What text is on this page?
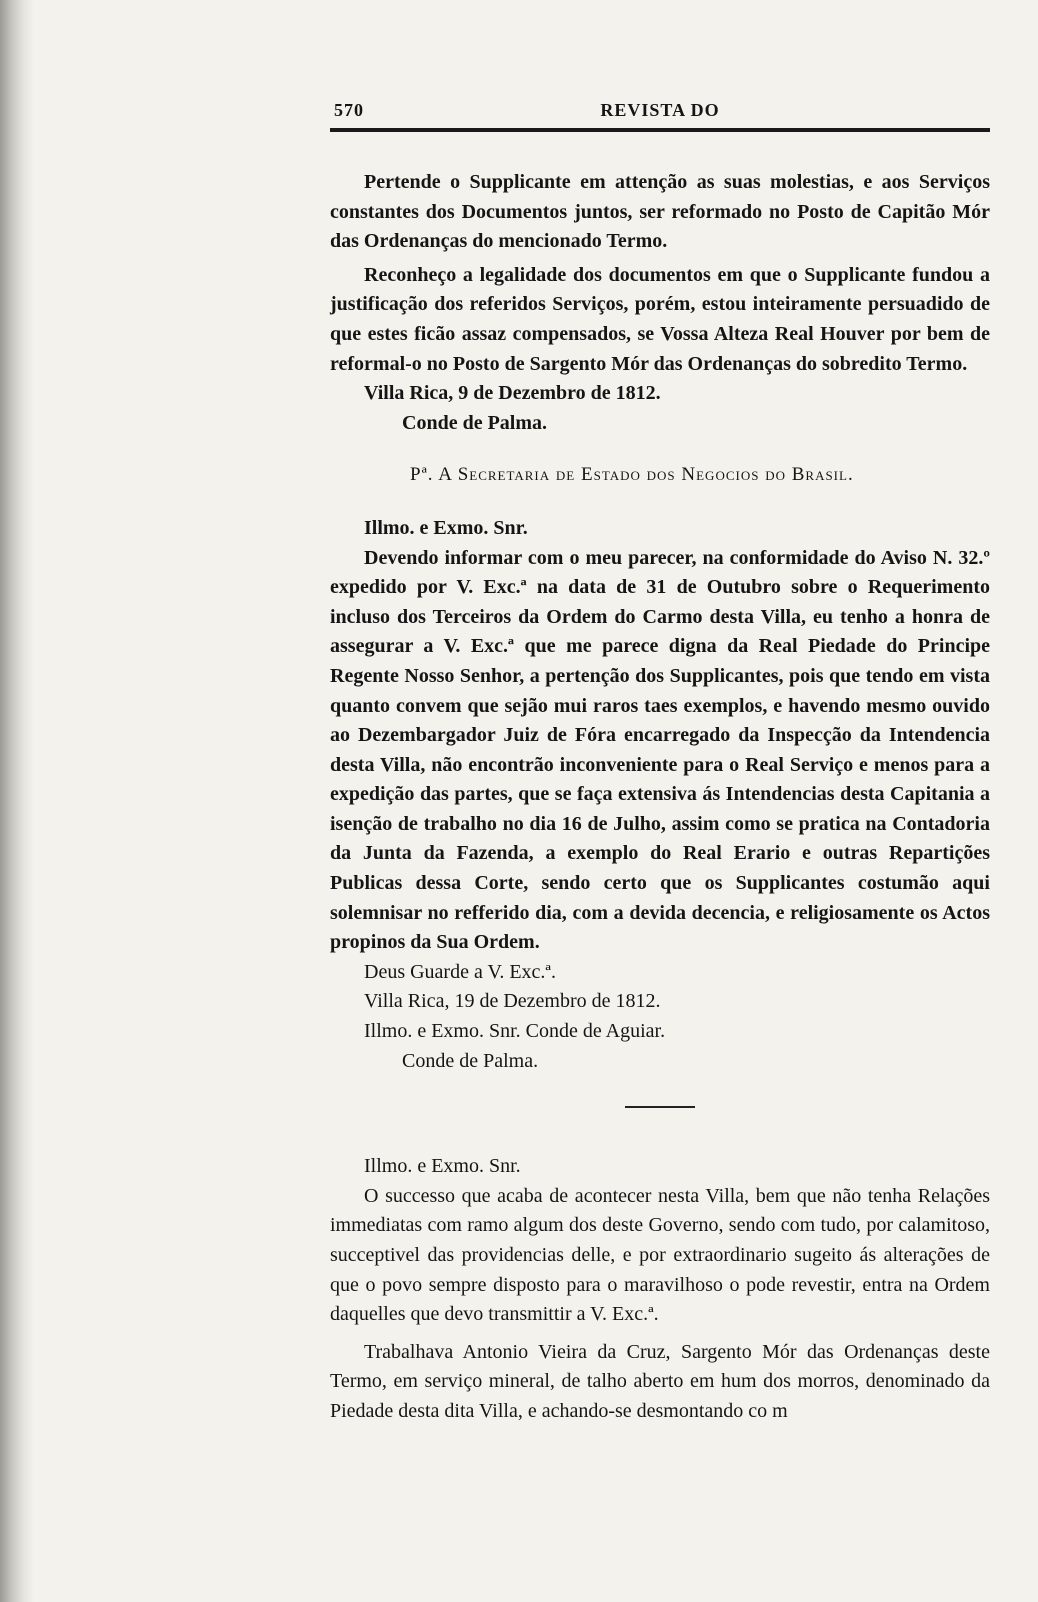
570	REVISTA DO

Pertende o Supplicante em attenção as suas molestias, e aos Serviços constantes dos Documentos juntos, ser reformado no Posto de Capitão Mór das Ordenanças do mencionado Termo.

Reconheço a legalidade dos documentos em que o Supplicante fundou a justificação dos referidos Serviços, porém, estou inteiramente persuadido de que estes ficão assaz compensados, se Vossa Alteza Real Houver por bem de reformal-o no Posto de Sargento Mór das Ordenanças do sobredito Termo.

Villa Rica, 9 de Dezembro de 1812.

Conde de Palma.

Pª. A Secretaria de Estado dos Negocios do Brasil.

Illmo. e Exmo. Snr.

Devendo informar com o meu parecer, na conformidade do Aviso N. 32.º expedido por V. Exc.ª na data de 31 de Outubro sobre o Requerimento incluso dos Terceiros da Ordem do Carmo desta Villa, eu tenho a honra de assegurar a V. Exc.ª que me parece digna da Real Piedade do Principe Regente Nosso Senhor, a pertenção dos Supplicantes, pois que tendo em vista quanto convem que sejão mui raros taes exemplos, e havendo mesmo ouvido ao Dezembargador Juiz de Fóra encarregado da Inspecção da Intendencia desta Villa, não encontrão inconveniente para o Real Serviço e menos para a expedição das partes, que se faça extensiva ás Intendencias desta Capitania a isenção de trabalho no dia 16 de Julho, assim como se pratica na Contadoria da Junta da Fazenda, a exemplo do Real Erario e outras Repartições Publicas dessa Corte, sendo certo que os Supplicantes costumão aqui solemnisar no refferido dia, com a devida decencia, e religiosamente os Actos propinos da Sua Ordem.

Deus Guarde a V. Exc.ª.

Villa Rica, 19 de Dezembro de 1812.

Illmo. e Exmo. Snr. Conde de Aguiar.

Conde de Palma.

Illmo. e Exmo. Snr.

O successo que acaba de acontecer nesta Villa, bem que não tenha Relações immediatas com ramo algum dos deste Governo, sendo com tudo, por calamitoso, succeptivel das providencias delle, e por extraordinario sugeito ás alterações de que o povo sempre disposto para o maravilhoso o pode revestir, entra na Ordem daquelles que devo transmittir a V. Exc.ª.

Trabalhava Antonio Vieira da Cruz, Sargento Mór das Ordenanças deste Termo, em serviço mineral, de talho aberto em hum dos morros, denominado da Piedade desta dita Villa, e achando-se desmontando co m
